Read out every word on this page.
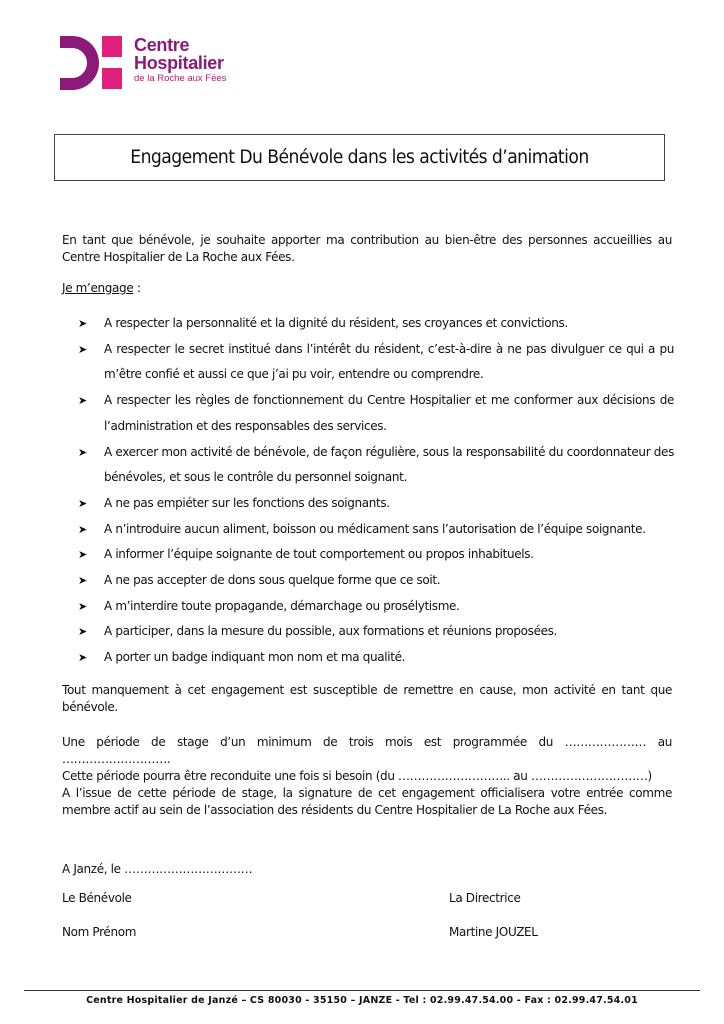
Centre
Hospitalier
de la Roche aux Fées
Engagement Du Bénévole dans les activités d’animation
En tant que bénévole, je souhaite apporter ma contribution au bien-être des personnes accueillies au
Centre Hospitalier de La Roche aux Fées.
Je m’engage :
➤ A respecter la personnalité et la dignité du résident, ses croyances et convictions.
➤ A respecter le secret institué dans l’intérêt du résident, c’est-à-dire à ne pas divulguer ce qui a pu m’être confié et aussi ce que j’ai pu voir, entendre ou comprendre.
➤ A respecter les règles de fonctionnement du Centre Hospitalier et me conformer aux décisions de l’administration et des responsables des services.
➤ A exercer mon activité de bénévole, de façon régulière, sous la responsabilité du coordonnateur des bénévoles, et sous le contrôle du personnel soignant.
➤ A ne pas empiéter sur les fonctions des soignants.
➤ A n’introduire aucun aliment, boisson ou médicament sans l’autorisation de l’équipe soignante.
➤ A informer l’équipe soignante de tout comportement ou propos inhabituels.
➤ A ne pas accepter de dons sous quelque forme que ce soit.
➤ A m’interdire toute propagande, démarchage ou prosélytisme.
➤ A participer, dans la mesure du possible, aux formations et réunions proposées.
➤ A porter un badge indiquant mon nom et ma qualité.
Tout manquement à cet engagement est susceptible de remettre en cause, mon activité en tant que
bénévole.
Une période de stage d’un minimum de trois mois est programmée du ………………… au ……………………….
Cette période pourra être reconduite une fois si besoin (du ……………………….. au …………………………)
A l’issue de cette période de stage, la signature de cet engagement officialisera votre entrée comme
membre actif au sein de l’association des résidents du Centre Hospitalier de La Roche aux Fées.
A Janzé, le ……………………………
Le Bénévole
Nom Prénom
La Directrice
Martine JOUZEL
Centre Hospitalier de Janzé – CS 80030 - 35150 – JANZE - Tel : 02.99.47.54.00 - Fax : 02.99.47.54.01
